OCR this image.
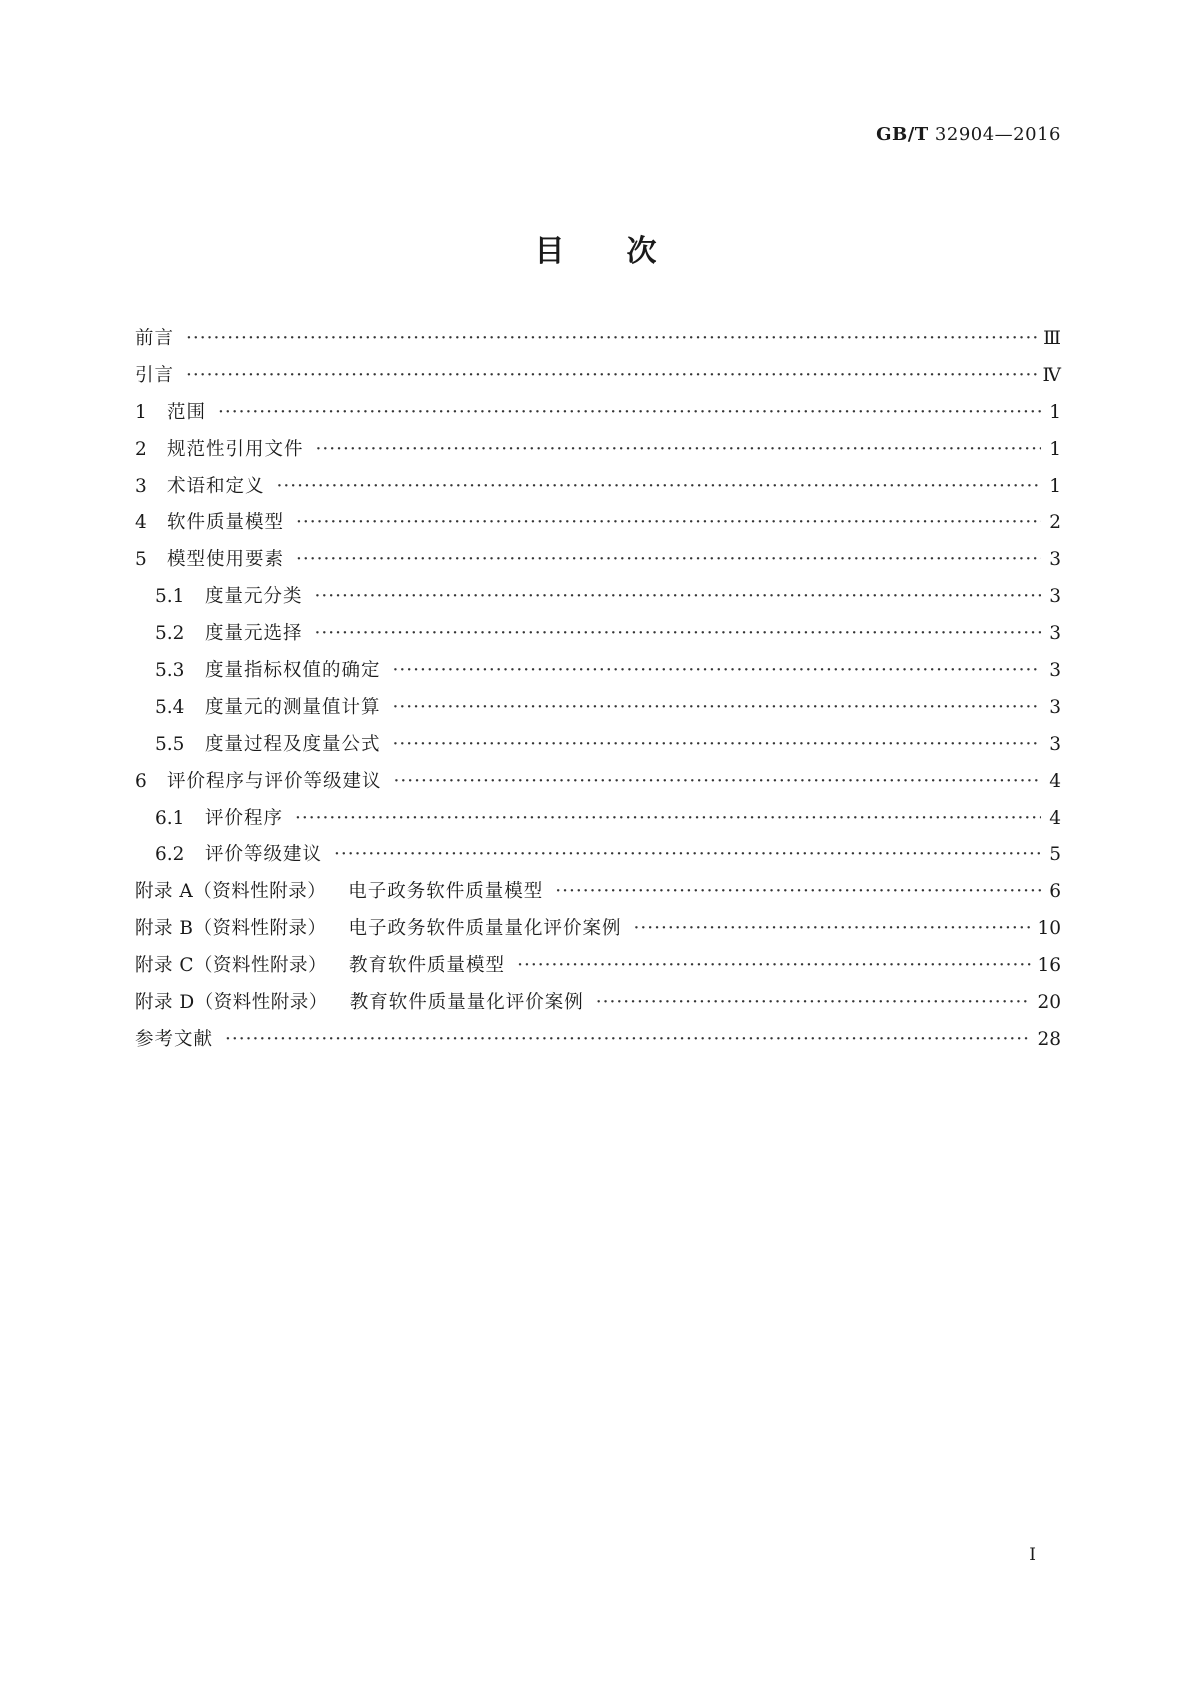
GB/T 32904—2016
目 次
前言 ·····	Ⅲ
引言 ·····	Ⅳ
1	范围 ·····	1
2	规范性引用文件 ·····	1
3	术语和定义 ·····	1
4	软件质量模型 ·····	2
5	模型使用要素 ·····	3
5.1	度量元分类 ·····	3
5.2	度量元选择 ·····	3
5.3	度量指标权值的确定 ·····	3
5.4	度量元的测量值计算 ·····	3
5.5	度量过程及度量公式 ·····	3
6	评价程序与评价等级建议 ·····	4
6.1	评价程序 ·····	4
6.2	评价等级建议 ·····	5
附录 A（资料性附录） 电子政务软件质量模型 ·····	6
附录 B（资料性附录） 电子政务软件质量量化评价案例 ·····	10
附录 C（资料性附录） 教育软件质量模型 ·····	16
附录 D（资料性附录） 教育软件质量量化评价案例 ·····	20
参考文献 ·····	28
I
